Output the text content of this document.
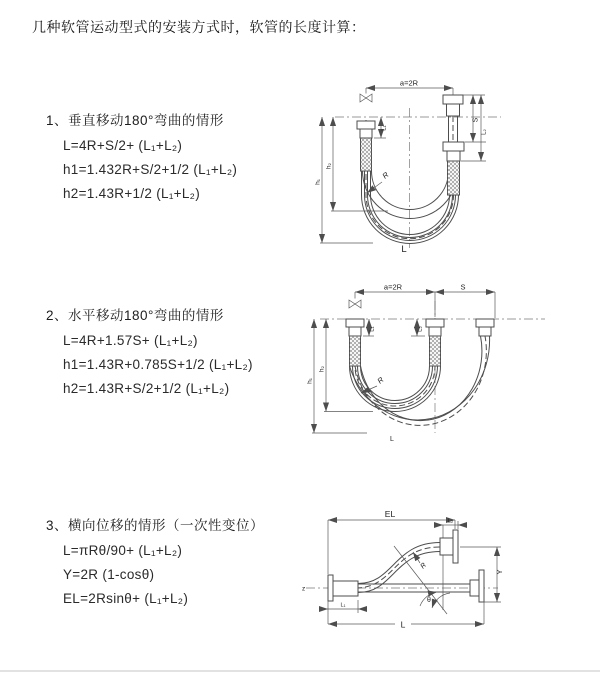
几种软管运动型式的安装方式时，软管的长度计算：
1、垂直移动180°弯曲的情形
L=4R+S/2+ (L₁+L₂)
h1=1.432R+S/2+1/2 (L₁+L₂)
h2=1.43R+1/2 (L₁+L₂)
2、水平移动180°弯曲的情形
L=4R+1.57S+ (L₁+L₂)
h1=1.43R+0.785S+1/2 (L₁+L₂)
h2=1.43R+S/2+1/2 (L₁+L₂)
3、横向位移的情形（一次性变位）
L=πRθ/90+ (L₁+L₂)
Y=2R (1-cosθ)
EL=2Rsinθ+ (L₁+L₂)
a=2R
h₁
h₂
L₁
S
L₂
R
L
a=2R	S
h₁
h₂
L₁	L₂
R
L
z
θ
EL
L₂
Y
R
L₁
L
